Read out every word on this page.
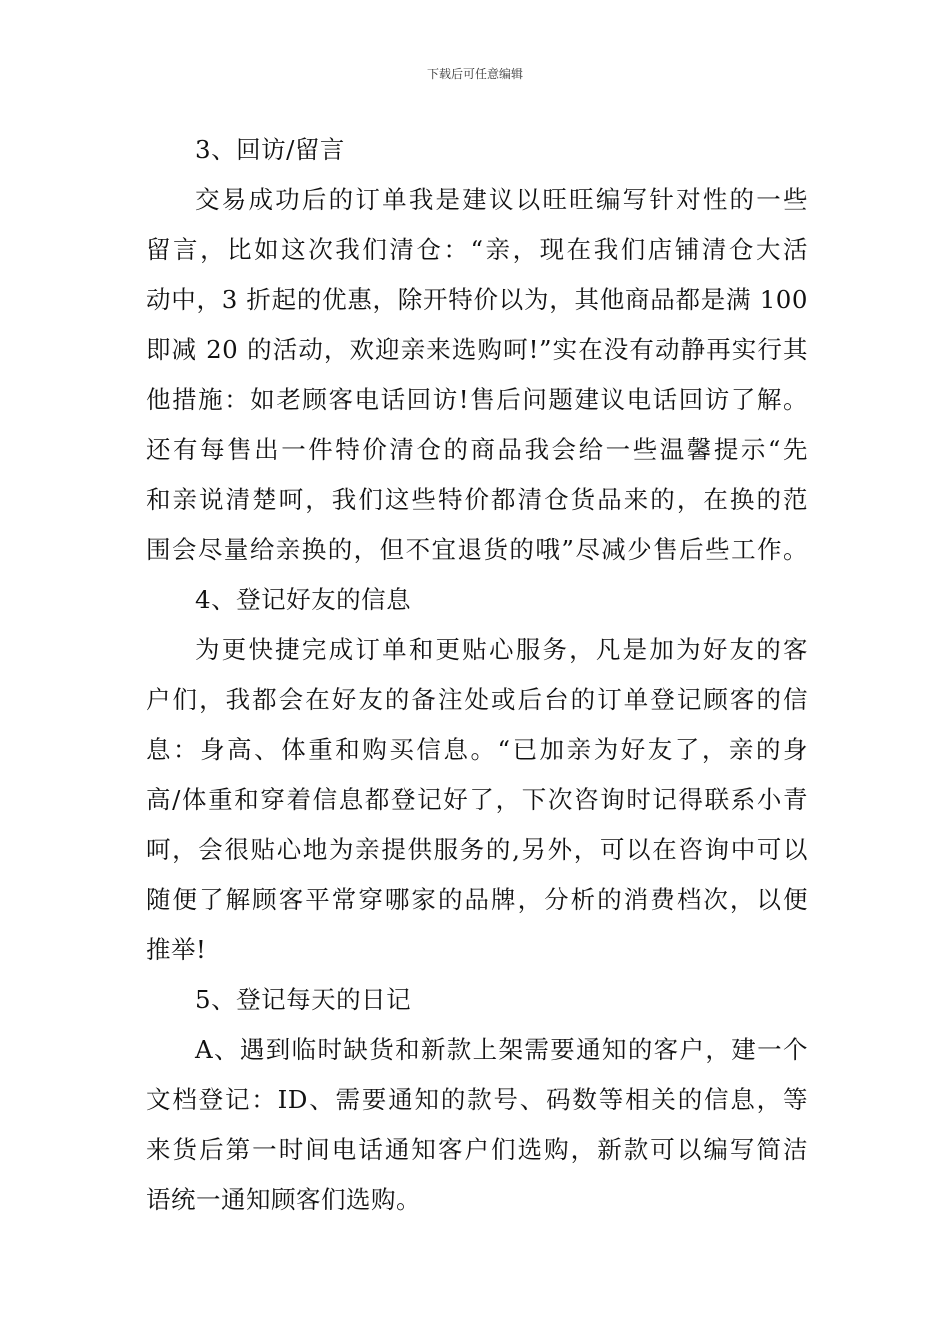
下载后可任意编辑
3、回访/留言
交易成功后的订单我是建议以旺旺编写针对性的一些
留言，比如这次我们清仓：“亲，现在我们店铺清仓大活
动中，3 折起的优惠，除开特价以为，其他商品都是满 100
即减 20 的活动，欢迎亲来选购呵!”实在没有动静再实行其
他措施：如老顾客电话回访!售后问题建议电话回访了解。
还有每售出一件特价清仓的商品我会给一些温馨提示“先
和亲说清楚呵，我们这些特价都清仓货品来的，在换的范
围会尽量给亲换的，但不宜退货的哦”尽减少售后些工作。
4、登记好友的信息
为更快捷完成订单和更贴心服务，凡是加为好友的客
户们，我都会在好友的备注处或后台的订单登记顾客的信
息：身高、体重和购买信息。“已加亲为好友了，亲的身
高/体重和穿着信息都登记好了，下次咨询时记得联系小青
呵，会很贴心地为亲提供服务的,另外，可以在咨询中可以
随便了解顾客平常穿哪家的品牌，分析的消费档次，以便
推举!
5、登记每天的日记
A、遇到临时缺货和新款上架需要通知的客户，建一个
文档登记：ID、需要通知的款号、码数等相关的信息，等
来货后第一时间电话通知客户们选购，新款可以编写简洁
语统一通知顾客们选购。
